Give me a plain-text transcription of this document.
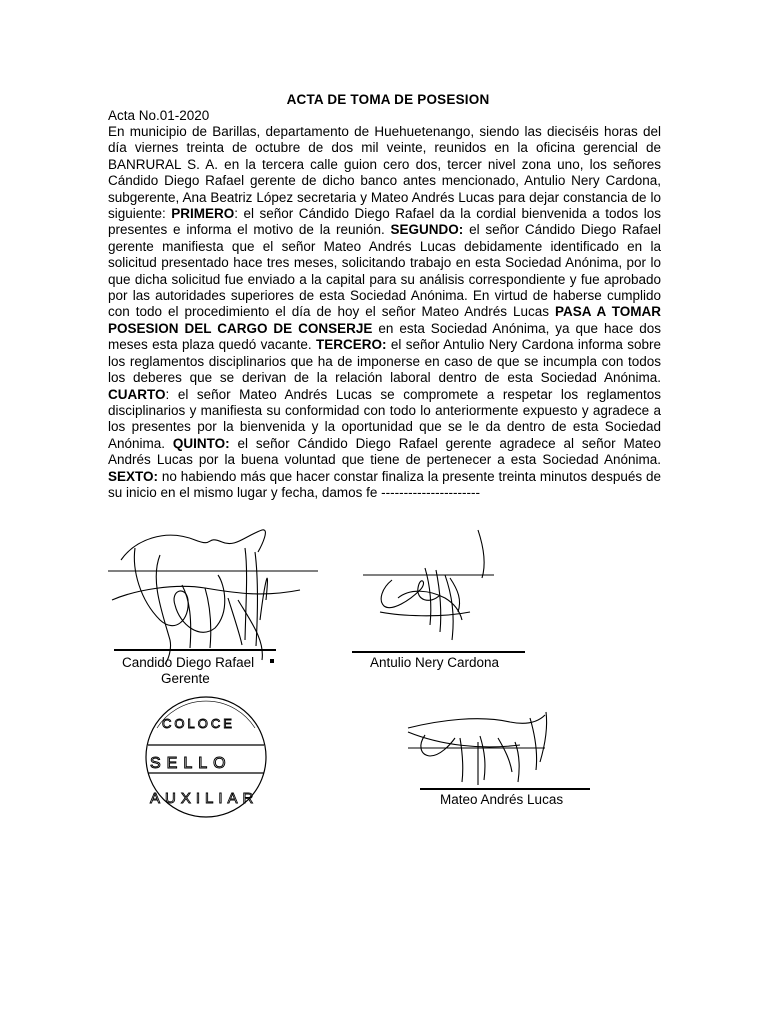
ACTA DE TOMA DE POSESION
Acta No.01-2020
En municipio de Barillas, departamento de Huehuetenango, siendo las dieciséis horas del día viernes treinta de octubre de dos mil veinte, reunidos en la oficina gerencial de BANRURAL S. A. en la tercera calle guion cero dos, tercer nivel zona uno, los señores Cándido Diego Rafael gerente de dicho banco antes mencionado, Antulio Nery Cardona, subgerente, Ana Beatriz López secretaria y Mateo Andrés Lucas para dejar constancia de lo siguiente: PRIMERO: el señor Cándido Diego Rafael da la cordial bienvenida a todos los presentes e informa el motivo de la reunión. SEGUNDO: el señor Cándido Diego Rafael gerente manifiesta que el señor Mateo Andrés Lucas debidamente identificado en la solicitud presentado hace tres meses, solicitando trabajo en esta Sociedad Anónima, por lo que dicha solicitud fue enviado a la capital para su análisis correspondiente y fue aprobado por las autoridades superiores de esta Sociedad Anónima. En virtud de haberse cumplido con todo el procedimiento el día de hoy el señor Mateo Andrés Lucas PASA A TOMAR POSESION DEL CARGO DE CONSERJE en esta Sociedad Anónima, ya que hace dos meses esta plaza quedó vacante. TERCERO: el señor Antulio Nery Cardona informa sobre los reglamentos disciplinarios que ha de imponerse en caso de que se incumpla con todos los deberes que se derivan de la relación laboral dentro de esta Sociedad Anónima. CUARTO: el señor Mateo Andrés Lucas se compromete a respetar los reglamentos disciplinarios y manifiesta su conformidad con todo lo anteriormente expuesto y agradece a los presentes por la bienvenida y la oportunidad que se le da dentro de esta Sociedad Anónima. QUINTO: el señor Cándido Diego Rafael gerente agradece al señor Mateo Andrés Lucas por la buena voluntad que tiene de pertenecer a esta Sociedad Anónima. SEXTO: no habiendo más que hacer constar finaliza la presente treinta minutos después de su inicio en el mismo lugar y fecha, damos fe ----------------------
COLOCE
SELLO
AUXILIAR
Candido Diego Rafael
Gerente
Antulio Nery Cardona
Mateo Andrés Lucas
